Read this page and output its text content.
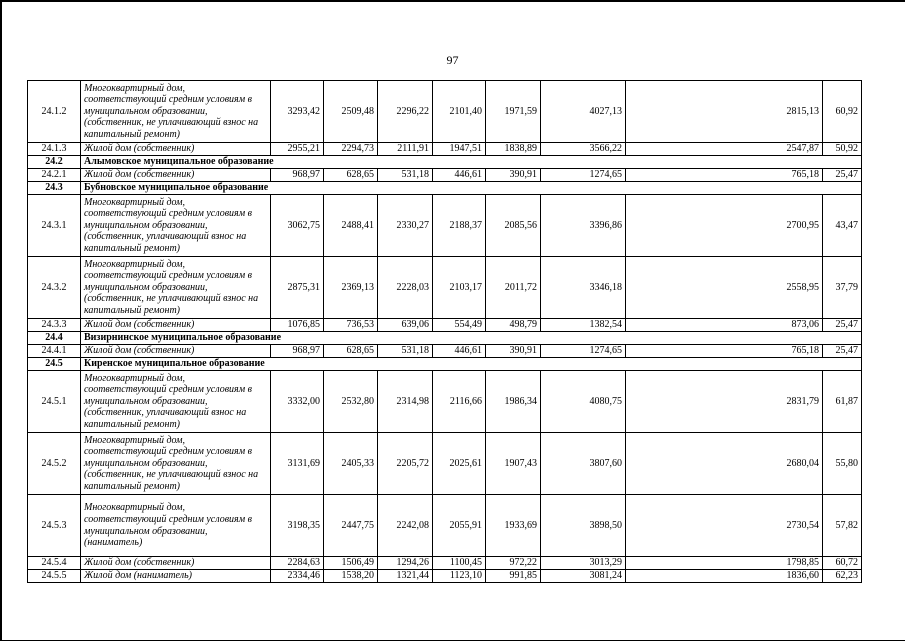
97
24.1.2	Многоквартирный дом, соответствующий средним условиям в муниципальном образовании, (собственник, не уплачивающий взнос на капитальный ремонт)	3293,42	2509,48	2296,22	2101,40	1971,59	4027,13	2815,13	60,92
24.1.3	Жилой дом (собственник)	2955,21	2294,73	2111,91	1947,51	1838,89	3566,22	2547,87	50,92
24.2	Алымовское муниципальное образование								
24.2.1	Жилой дом (собственник)	968,97	628,65	531,18	446,61	390,91	1274,65	765,18	25,47
24.3	Бубновское муниципальное образование								
24.3.1	Многоквартирный дом, соответствующий средним условиям в муниципальном образовании, (собственник, уплачивающий взнос на капитальный ремонт)	3062,75	2488,41	2330,27	2188,37	2085,56	3396,86	2700,95	43,47
24.3.2	Многоквартирный дом, соответствующий средним условиям в муниципальном образовании, (собственник, не уплачивающий взнос на капитальный ремонт)	2875,31	2369,13	2228,03	2103,17	2011,72	3346,18	2558,95	37,79
24.3.3	Жилой дом (собственник)	1076,85	736,53	639,06	554,49	498,79	1382,54	873,06	25,47
24.4	Визирнинское муниципальное образование								
24.4.1	Жилой дом (собственник)	968,97	628,65	531,18	446,61	390,91	1274,65	765,18	25,47
24.5	Киренское муниципальное образование								
24.5.1	Многоквартирный дом, соответствующий средним условиям в муниципальном образовании, (собственник, уплачивающий взнос на капитальный ремонт)	3332,00	2532,80	2314,98	2116,66	1986,34	4080,75	2831,79	61,87
24.5.2	Многоквартирный дом, соответствующий средним условиям в муниципальном образовании, (собственник, не уплачивающий взнос на капитальный ремонт)	3131,69	2405,33	2205,72	2025,61	1907,43	3807,60	2680,04	55,80
24.5.3	Многоквартирный дом, соответствующий средним условиям в муниципальном образовании, (наниматель)	3198,35	2447,75	2242,08	2055,91	1933,69	3898,50	2730,54	57,82
24.5.4	Жилой дом (собственник)	2284,63	1506,49	1294,26	1100,45	972,22	3013,29	1798,85	60,72
24.5.5	Жилой дом (наниматель)	2334,46	1538,20	1321,44	1123,10	991,85	3081,24	1836,60	62,23
